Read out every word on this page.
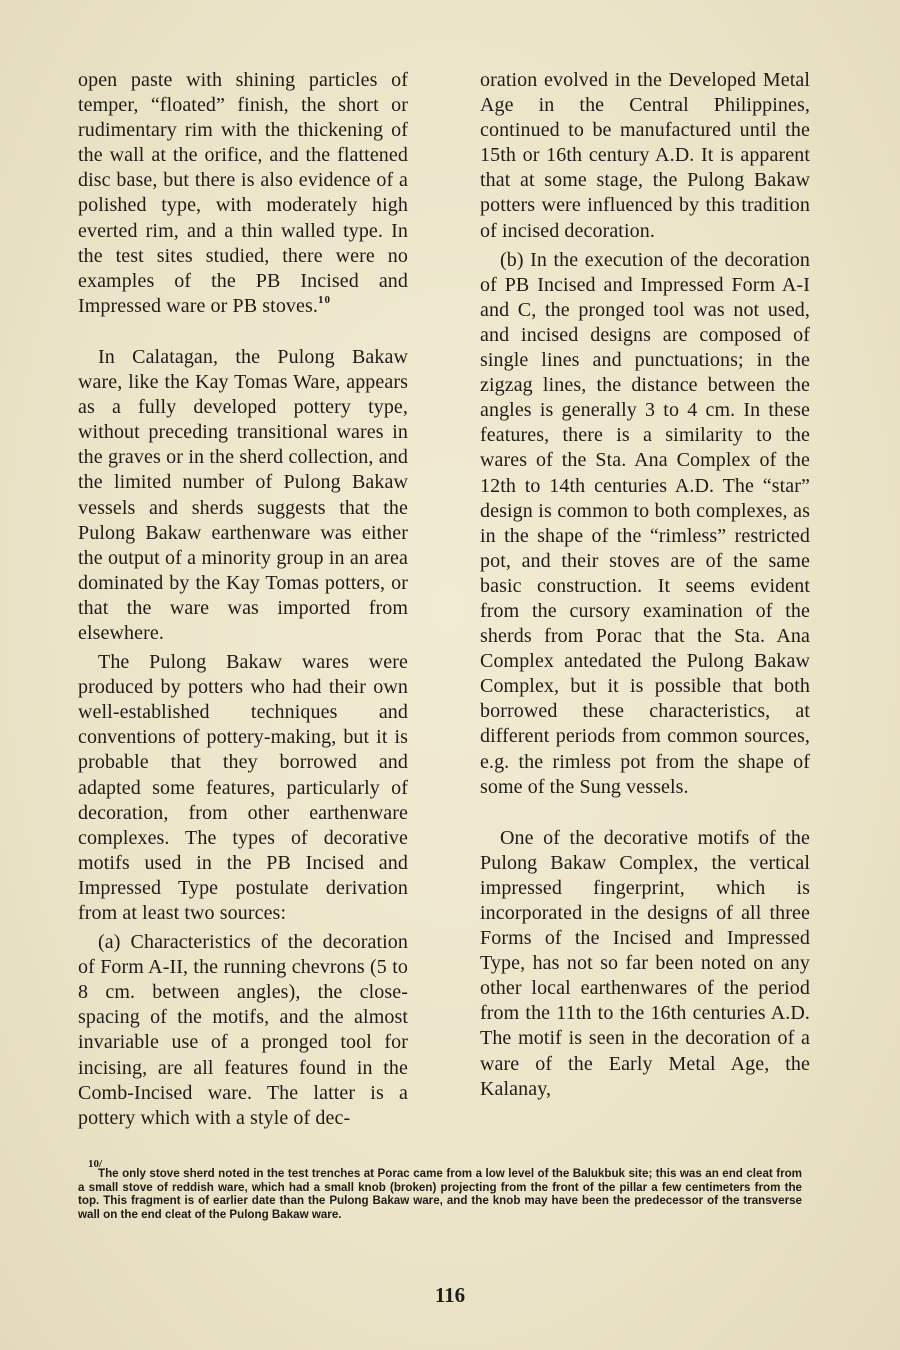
open paste with shining particles of temper, “floated” finish, the short or rudimentary rim with the thickening of the wall at the orifice, and the flattened disc base, but there is also evidence of a polished type, with moderately high everted rim, and a thin walled type. In the test sites studied, there were no examples of the PB Incised and Impressed ware or PB stoves.$^{10}$

In Calatagan, the Pulong Bakaw ware, like the Kay Tomas Ware, appears as a fully developed pottery type, without preceding transitional wares in the graves or in the sherd collection, and the limited number of Pulong Bakaw vessels and sherds suggests that the Pulong Bakaw earthenware was either the output of a minority group in an area dominated by the Kay Tomas potters, or that the ware was imported from elsewhere.

The Pulong Bakaw wares were produced by potters who had their own well-established techniques and conventions of pottery-making, but it is probable that they borrowed and adapted some features, particularly of decoration, from other earthenware complexes. The types of decorative motifs used in the PB Incised and Impressed Type postulate derivation from at least two sources:

(a) Characteristics of the decoration of Form A-II, the running chevrons (5 to 8 cm. between angles), the close-spacing of the motifs, and the almost invariable use of a pronged tool for incising, are all features found in the Comb-Incised ware. The latter is a pottery which with a style of dec-

oration evolved in the Developed Metal Age in the Central Philippines, continued to be manufactured until the 15th or 16th century A.D. It is apparent that at some stage, the Pulong Bakaw potters were influenced by this tradition of incised decoration.

(b) In the execution of the decoration of PB Incised and Impressed Form A-I and C, the pronged tool was not used, and incised designs are composed of single lines and punctuations; in the zigzag lines, the distance between the angles is generally 3 to 4 cm. In these features, there is a similarity to the wares of the Sta. Ana Complex of the 12th to 14th centuries A.D. The “star” design is common to both complexes, as in the shape of the “rimless” restricted pot, and their stoves are of the same basic construction. It seems evident from the cursory examination of the sherds from Porac that the Sta. Ana Complex antedated the Pulong Bakaw Complex, but it is possible that both borrowed these characteristics, at different periods from common sources, e.g. the rimless pot from the shape of some of the Sung vessels.

One of the decorative motifs of the Pulong Bakaw Complex, the vertical impressed fingerprint, which is incorporated in the designs of all three Forms of the Incised and Impressed Type, has not so far been noted on any other local earthenwares of the period from the 11th to the 16th centuries A.D. The motif is seen in the decoration of a ware of the Early Metal Age, the Kalanay,

10/
The only stove sherd noted in the test trenches at Porac came from a low level of the Balukbuk site; this was an end cleat from a small stove of reddish ware, which had a small knob (broken) projecting from the front of the pillar a few centimeters from the top. This fragment is of earlier date than the Pulong Bakaw ware, and the knob may have been the predecessor of the transverse wall on the end cleat of the Pulong Bakaw ware.
116
